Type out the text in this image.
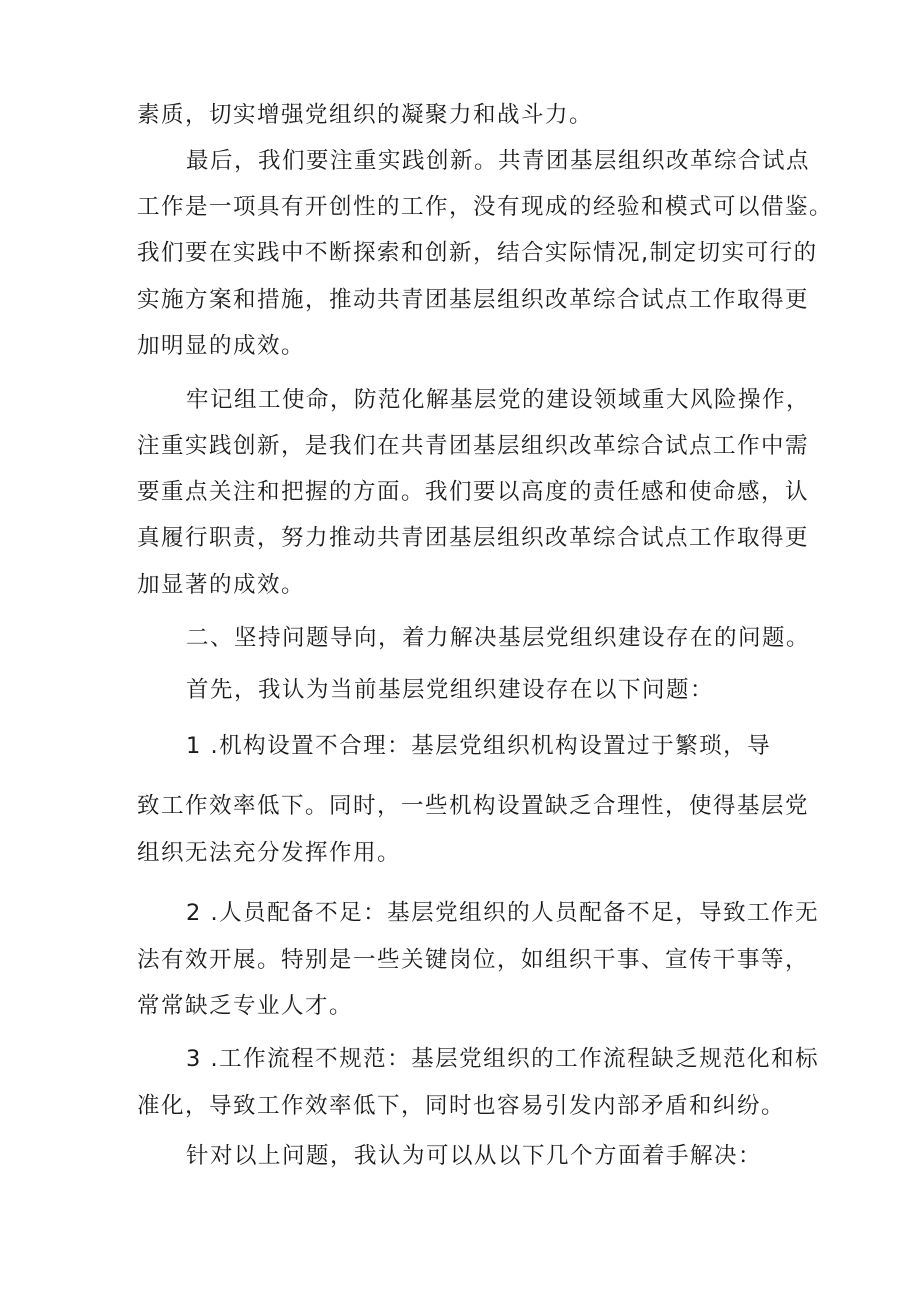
素质，切实增强党组织的凝聚力和战斗力。

最后，我们要注重实践创新。共青团基层组织改革综合试点

工作是一项具有开创性的工作，没有现成的经验和模式可以借鉴。

我们要在实践中不断探索和创新，结合实际情况,制定切实可行的

实施方案和措施，推动共青团基层组织改革综合试点工作取得更

加明显的成效。

牢记组工使命，防范化解基层党的建设领域重大风险操作，

注重实践创新，是我们在共青团基层组织改革综合试点工作中需

要重点关注和把握的方面。我们要以高度的责任感和使命感，认

真履行职责，努力推动共青团基层组织改革综合试点工作取得更

加显著的成效。

二、坚持问题导向，着力解决基层党组织建设存在的问题。

首先，我认为当前基层党组织建设存在以下问题：

1 .机构设置不合理：基层党组织机构设置过于繁琐，导

致工作效率低下。同时，一些机构设置缺乏合理性，使得基层党

组织无法充分发挥作用。

2 .人员配备不足：基层党组织的人员配备不足，导致工作无

法有效开展。特别是一些关键岗位，如组织干事、宣传干事等，

常常缺乏专业人才。

3 .工作流程不规范：基层党组织的工作流程缺乏规范化和标

准化，导致工作效率低下，同时也容易引发内部矛盾和纠纷。

针对以上问题，我认为可以从以下几个方面着手解决：
